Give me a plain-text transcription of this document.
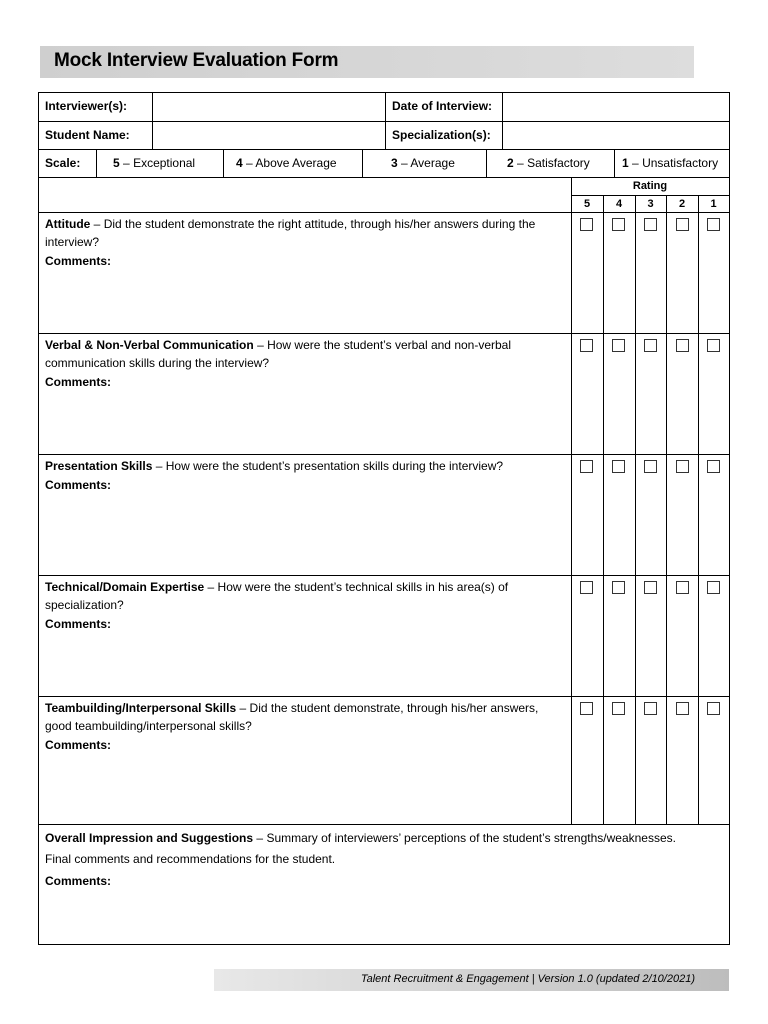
Mock Interview Evaluation Form
Interviewer(s):	Date of Interview:
Student Name:	Specialization(s):
Scale:	5 – Exceptional	4 – Above Average	3 – Average	2 – Satisfactory	1 – Unsatisfactory
Rating
5	4	3	2	1
Attitude – Did the student demonstrate the right attitude, through his/her answers during the interview?
Comments:
Verbal & Non-Verbal Communication – How were the student’s verbal and non-verbal communication skills during the interview?
Comments:
Presentation Skills – How were the student’s presentation skills during the interview?
Comments:
Technical/Domain Expertise – How were the student’s technical skills in his area(s) of specialization?
Comments:
Teambuilding/Interpersonal Skills – Did the student demonstrate, through his/her answers, good teambuilding/interpersonal skills?
Comments:
Overall Impression and Suggestions – Summary of interviewers’ perceptions of the student’s strengths/weaknesses.
Final comments and recommendations for the student.
Comments:
Talent Recruitment & Engagement | Version 1.0 (updated 2/10/2021)
